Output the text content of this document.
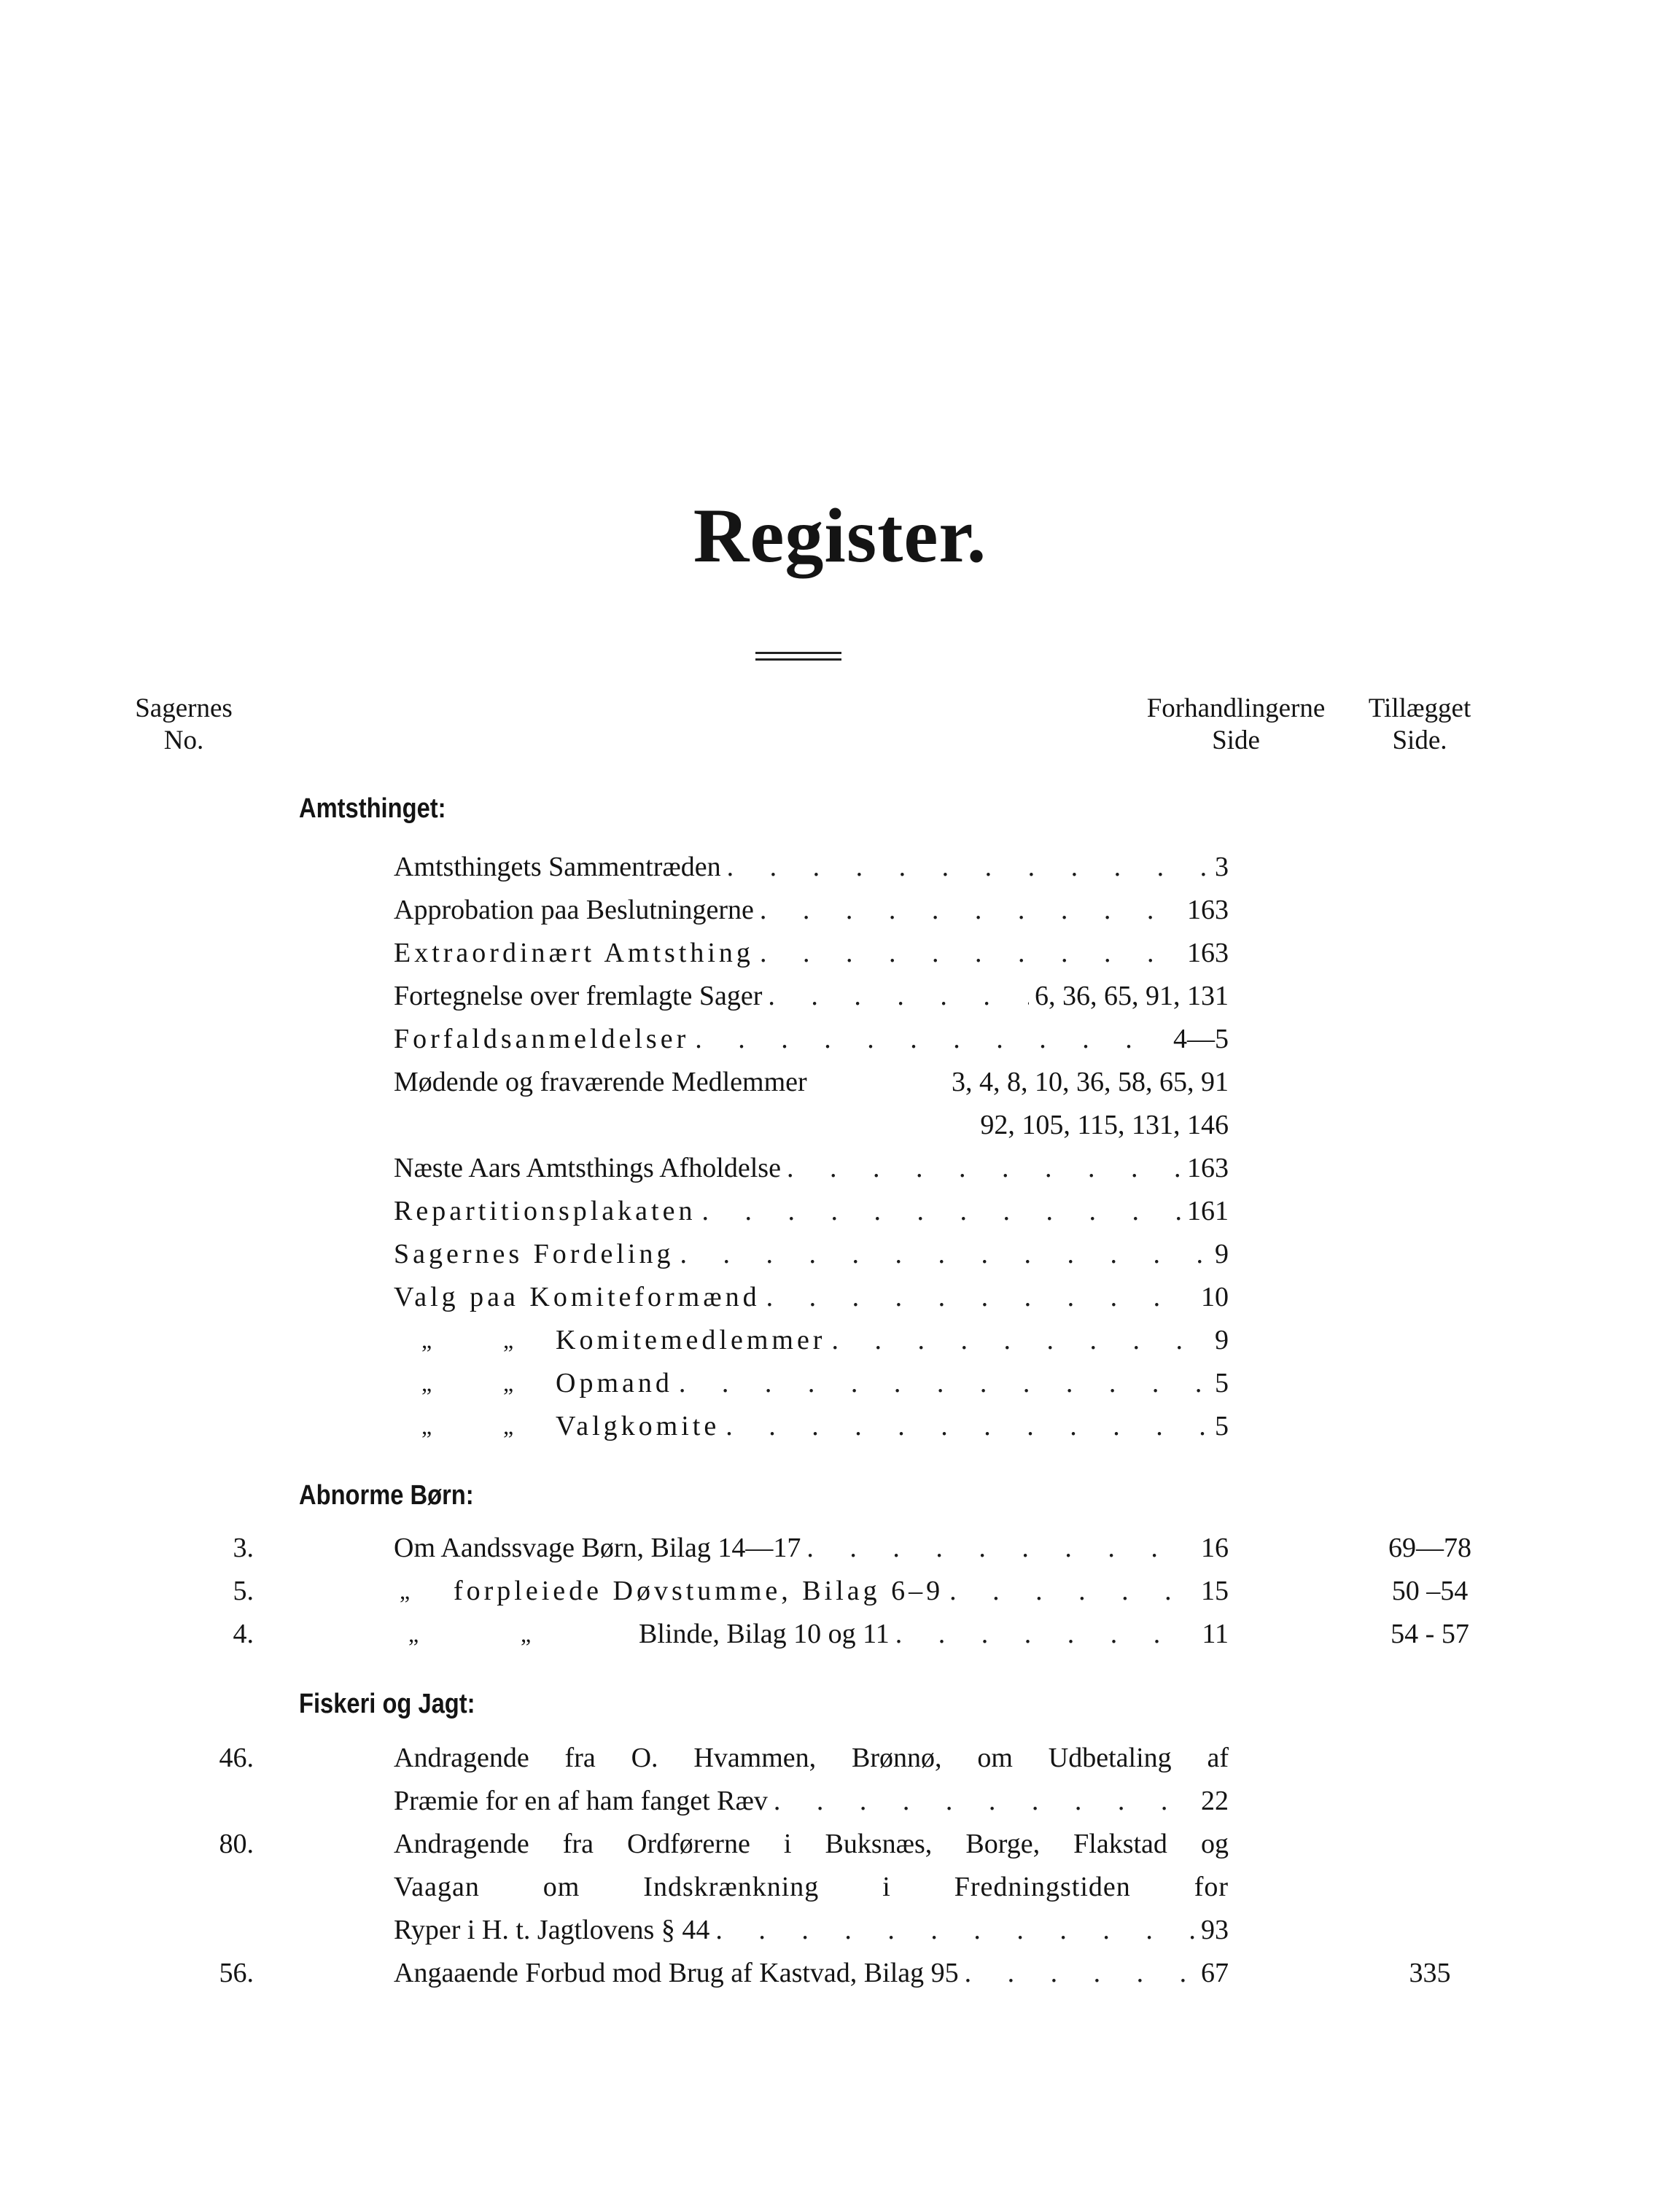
Register.
Sagernes
No.
Forhandlingerne
Side
Tillægget
Side.
Amtsthinget:
Amtsthingets Sammentræden . . .	3
Approbation paa Beslutningerne . . .	163
Extraordinært Amtsthing . . .	163
Fortegnelse over fremlagte Sager . . .	6, 36, 65, 91, 131
Forfaldsanmeldelser . . .	4—5
Mødende og fraværende Medlemmer	3, 4, 8, 10, 36, 58, 65, 91
92, 105, 115, 131, 146
Næste Aars Amtsthings Afholdelse . . .	163
Repartitionsplakaten . . .	161
Sagernes Fordeling . . .	9
Valg paa Komiteformænd . . .	10
„	„ Komitemedlemmer . . .	9
„	„ Opmand . . .	5
„	„ Valgkomite . . .	5
Abnorme Børn:
3.	Om Aandssvage Børn, Bilag 14—17 . . .	16	69—78
5.	„ forpleiede Døvstumme, Bilag 6–9 . . .	15	50 –54
4.	„	„	Blinde, Bilag 10 og 11 . . .	11	54 - 57
Fiskeri og Jagt:
46.	Andragende fra O. Hvammen, Brønnø, om Udbetaling af
Præmie for en af ham fanget Ræv . . .	22
80.	Andragende fra Ordførerne i Buksnæs, Borge, Flakstad og
Vaagan om Indskrænkning i Fredningstiden for
Ryper i H. t. Jagtlovens § 44 . . .	93
56.	Angaaende Forbud mod Brug af Kastvad, Bilag 95 . . .	67	335
